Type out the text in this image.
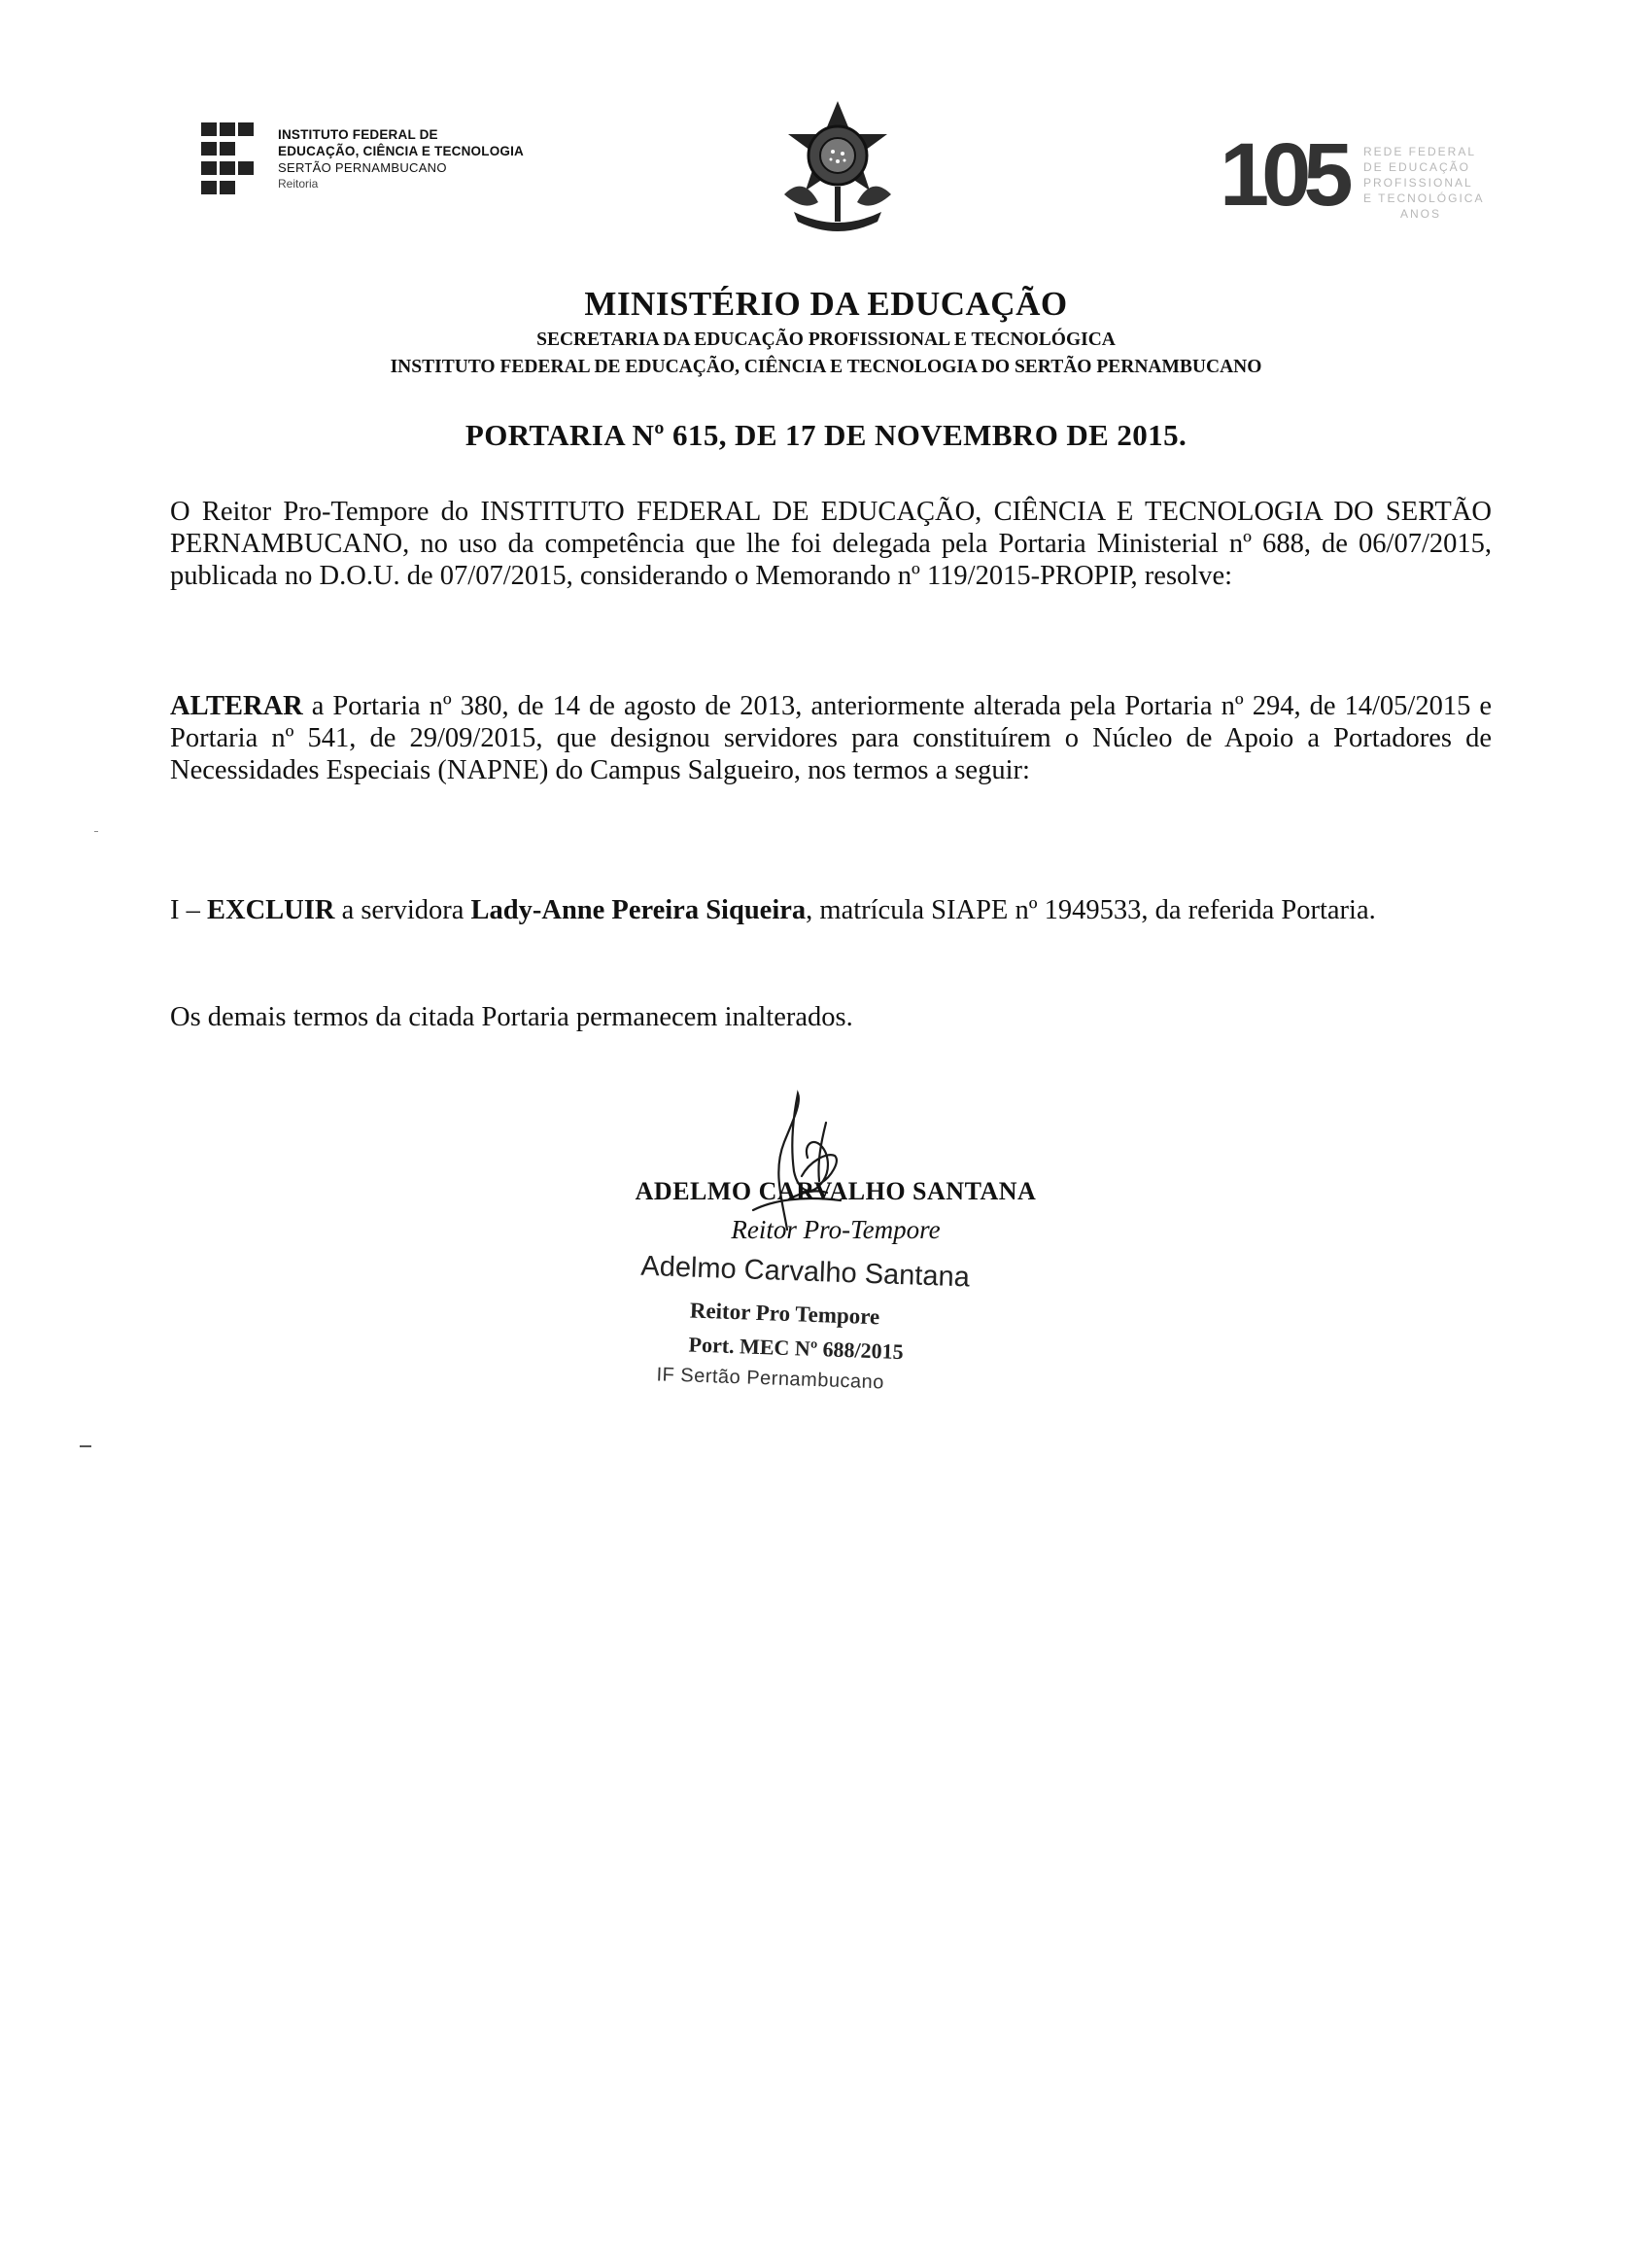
INSTITUTO FEDERAL DE
EDUCAÇÃO, CIÊNCIA E TECNOLOGIA
SERTÃO PERNAMBUCANO
Reitoria	105 REDE FEDERAL
DE EDUCAÇÃO
PROFISSIONAL
E TECNOLÓGICA
ANOS
MINISTÉRIO DA EDUCAÇÃO
SECRETARIA DA EDUCAÇÃO PROFISSIONAL E TECNOLÓGICA
INSTITUTO FEDERAL DE EDUCAÇÃO, CIÊNCIA E TECNOLOGIA DO SERTÃO PERNAMBUCANO
PORTARIA Nº 615, DE 17 DE NOVEMBRO DE 2015.
O Reitor Pro-Tempore do INSTITUTO FEDERAL DE EDUCAÇÃO, CIÊNCIA E TECNOLOGIA DO SERTÃO PERNAMBUCANO, no uso da competência que lhe foi delegada pela Portaria Ministerial nº 688, de 06/07/2015, publicada no D.O.U. de 07/07/2015, considerando o Memorando nº 119/2015-PROPIP, resolve:
ALTERAR a Portaria nº 380, de 14 de agosto de 2013, anteriormente alterada pela Portaria nº 294, de 14/05/2015 e Portaria nº 541, de 29/09/2015, que designou servidores para constituírem o Núcleo de Apoio a Portadores de Necessidades Especiais (NAPNE) do Campus Salgueiro, nos termos a seguir:
I – EXCLUIR a servidora Lady-Anne Pereira Siqueira, matrícula SIAPE nº 1949533, da referida Portaria.
Os demais termos da citada Portaria permanecem inalterados.
ADELMO CARVALHO SANTANA
Reitor Pro-Tempore
Adelmo Carvalho Santana
Reitor Pro Tempore
Port. MEC Nº 688/2015
IF Sertão Pernambucano
